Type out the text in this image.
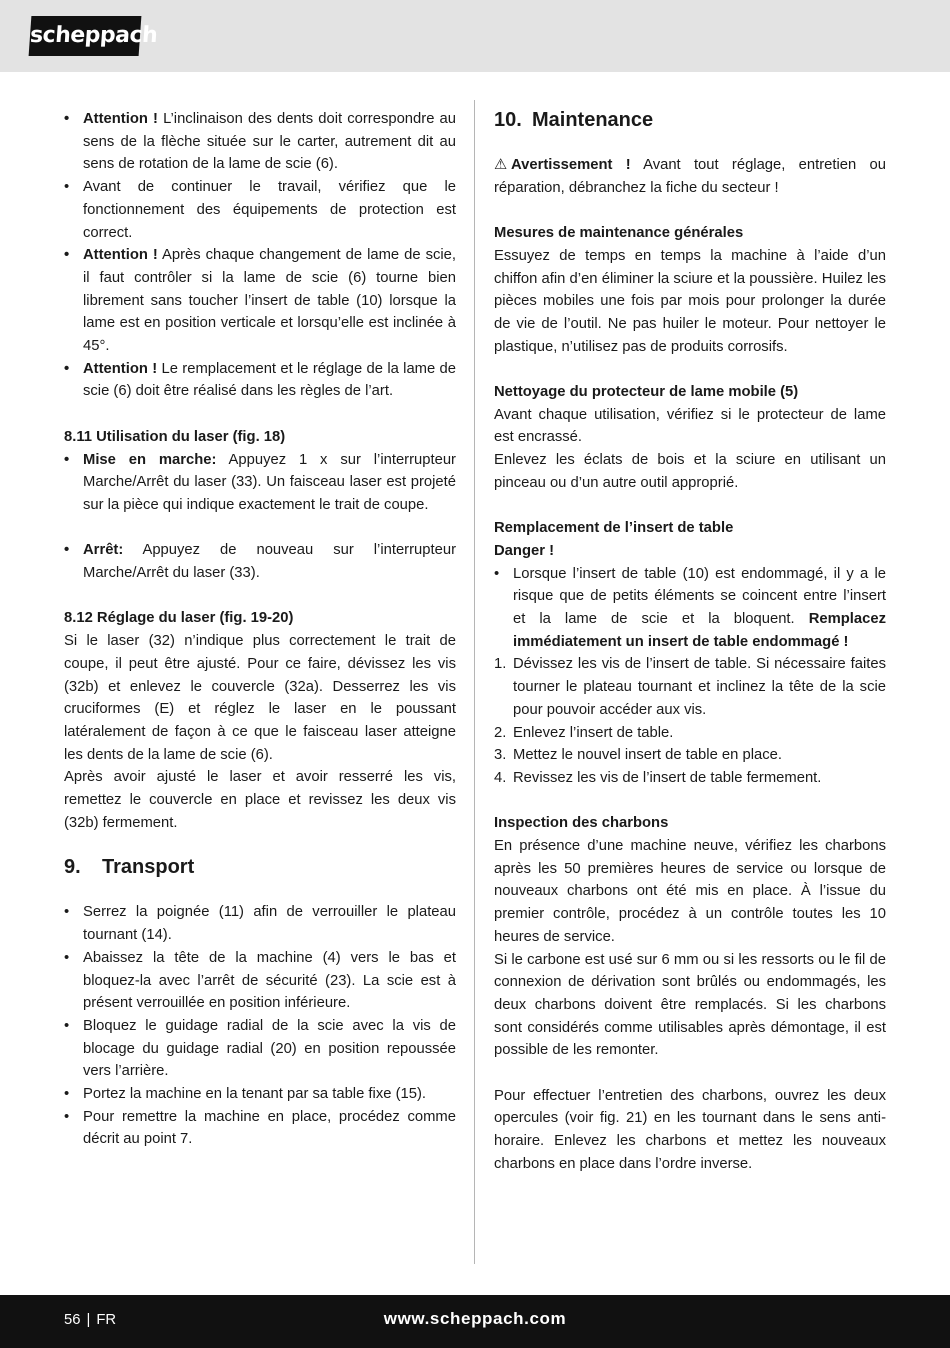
scheppach
• Attention ! L’inclinaison des dents doit correspondre au sens de la flèche située sur le carter, autrement dit au sens de rotation de la lame de scie (6).
• Avant de continuer le travail, vérifiez que le fonctionnement des équipements de protection est correct.
• Attention ! Après chaque changement de lame de scie, il faut contrôler si la lame de scie (6) tourne bien librement sans toucher l’insert de table (10) lorsque la lame est en position verticale et lorsqu’elle est inclinée à 45°.
• Attention ! Le remplacement et le réglage de la lame de scie (6) doit être réalisé dans les règles de l’art.

8.11 Utilisation du laser (fig. 18)

• Mise en marche: Appuyez 1 x sur l’interrupteur Marche/Arrêt du laser (33). Un faisceau laser est projeté sur la pièce qui indique exactement le trait de coupe.
• Arrêt: Appuyez de nouveau sur l’interrupteur Marche/Arrêt du laser (33).

8.12 Réglage du laser (fig. 19-20)

Si le laser (32) n’indique plus correctement le trait de coupe, il peut être ajusté. Pour ce faire, dévissez les vis (32b) et enlevez le couvercle (32a). Desserrez les vis cruciformes (E) et réglez le laser en le poussant latéralement de façon à ce que le faisceau laser atteigne les dents de la lame de scie (6).

Après avoir ajusté le laser et avoir resserré les vis, remettez le couvercle en place et revissez les deux vis (32b) fermement.

9. Transport

• Serrez la poignée (11) afin de verrouiller le plateau tournant (14).
• Abaissez la tête de la machine (4) vers le bas et bloquez-la avec l’arrêt de sécurité (23). La scie est à présent verrouillée en position inférieure.
• Bloquez le guidage radial de la scie avec la vis de blocage du guidage radial (20) en position repoussée vers l’arrière.
• Portez la machine en la tenant par sa table fixe (15).
• Pour remettre la machine en place, procédez comme décrit au point 7.

10. Maintenance

⚠ Avertissement ! Avant tout réglage, entretien ou réparation, débranchez la fiche du secteur !

Mesures de maintenance générales

Essuyez de temps en temps la machine à l’aide d’un chiffon afin d’en éliminer la sciure et la poussière. Huilez les pièces mobiles une fois par mois pour prolonger la durée de vie de l’outil. Ne pas huiler le moteur. Pour nettoyer le plastique, n’utilisez pas de produits corrosifs.

Nettoyage du protecteur de lame mobile (5)

Avant chaque utilisation, vérifiez si le protecteur de lame est encrassé.

Enlevez les éclats de bois et la sciure en utilisant un pinceau ou d’un autre outil approprié.

Remplacement de l’insert de table

Danger !

• Lorsque l’insert de table (10) est endommagé, il y a le risque que de petits éléments se coincent entre l’insert et la lame de scie et la bloquent. Remplacez immédiatement un insert de table endommagé !
1. Dévissez les vis de l’insert de table. Si nécessaire faites tourner le plateau tournant et inclinez la tête de la scie pour pouvoir accéder aux vis.
2. Enlevez l’insert de table.
3. Mettez le nouvel insert de table en place.
4. Revissez les vis de l’insert de table fermement.

Inspection des charbons

En présence d’une machine neuve, vérifiez les charbons après les 50 premières heures de service ou lorsque de nouveaux charbons ont été mis en place. À l’issue du premier contrôle, procédez à un contrôle toutes les 10 heures de service.

Si le carbone est usé sur 6 mm ou si les ressorts ou le fil de connexion de dérivation sont brûlés ou endommagés, les deux charbons doivent être remplacés. Si les charbons sont considérés comme utilisables après démontage, il est possible de les remonter.

Pour effectuer l’entretien des charbons, ouvrez les deux opercules (voir fig. 21) en les tournant dans le sens anti-horaire. Enlevez les charbons et mettez les nouveaux charbons en place dans l’ordre inverse.

56 | FR	www.scheppach.com
